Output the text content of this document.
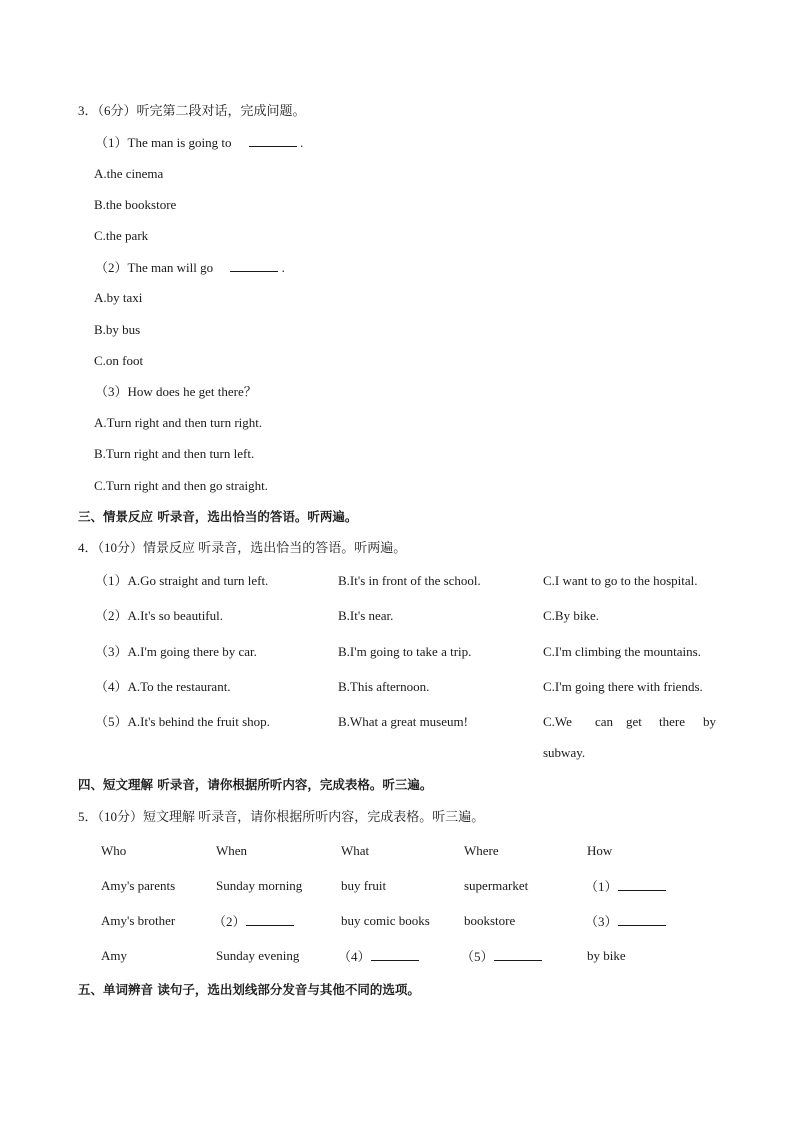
3．（6分）听完第二段对话，完成问题。
（1）The man is going to	.
A.the cinema
B.the bookstore
C.the park
（2）The man will go	.
A.by taxi
B.by bus
C.on foot
（3）How does he get there？
A.Turn right and then turn right.
B.Turn right and then turn left.
C.Turn right and then go straight.
三、情景反应 听录音，选出恰当的答语。听两遍。
4．（10分）情景反应 听录音，选出恰当的答语。听两遍。
（1）A.Go straight and turn left.	B.It's in front of the school.	C.I want to go to the hospital.
（2）A.It's so beautiful.	B.It's near.	C.By bike.
（3）A.I'm going there by car.	B.I'm going to take a trip.	C.I'm climbing the mountains.
（4）A.To the restaurant.	B.This afternoon.	C.I'm going there with friends.
（5）A.It's behind the fruit shop.	B.What a great museum!	C.We can get there by
subway.
四、短文理解 听录音，请你根据所听内容，完成表格。听三遍。
5．（10分）短文理解 听录音，请你根据所听内容，完成表格。听三遍。
Who	When	What	Where	How
Amy's parents	Sunday morning	buy fruit	supermarket	（1）
Amy's brother	（2）	buy comic books	bookstore	（3）
Amy	Sunday evening	（4）	（5）	by bike
五、单词辨音 读句子，选出划线部分发音与其他不同的选项。
